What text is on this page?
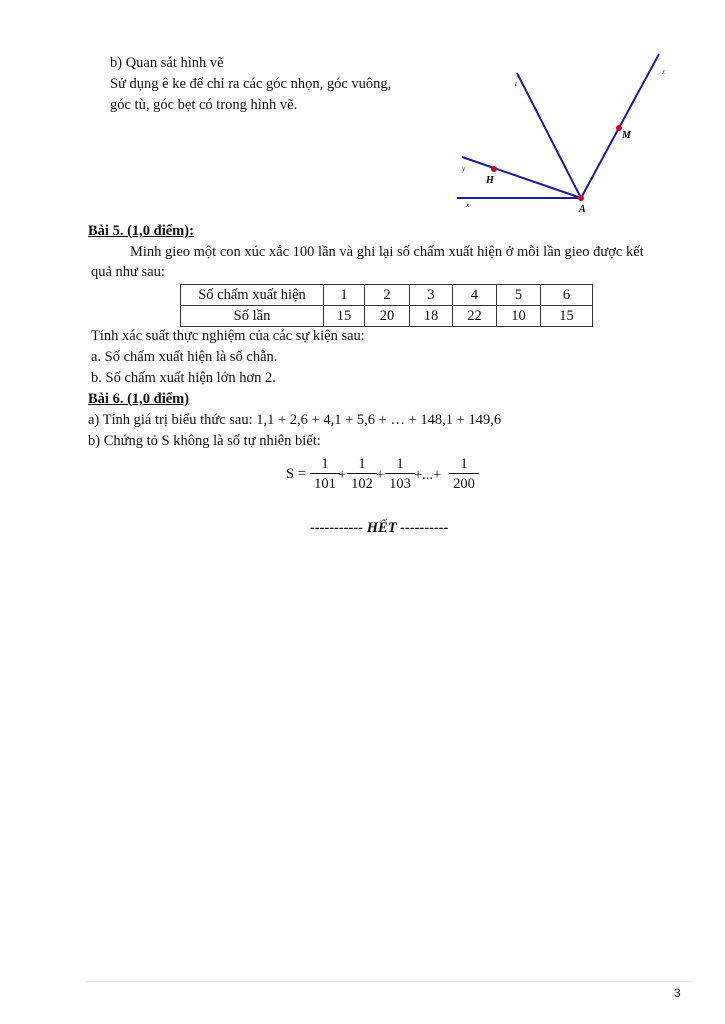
b) Quan sát hình vẽ
Sử dụng ê ke để chỉ ra các góc nhọn, góc vuông,
góc tù, góc bẹt có trong hình vẽ.
t
z
M
y
H
x	A
Bài 5. (1,0 điểm):
Minh gieo một con xúc xắc 100 lần và ghi lại số chấm xuất hiện ở mỗi lần gieo được kết
quả như sau:
Số chấm xuất hiện	1	2	3	4	5	6
Số lần	15	20	18	22	10	15
Tính xác suất thực nghiệm của các sự kiện sau:
a. Số chấm xuất hiện là số chẵn.
b. Số chấm xuất hiện lớn hơn 2.
Bài 6. (1,0 điểm)
a) Tính giá trị biểu thức sau: 1,1 + 2,6 + 4,1 + 5,6 + … + 148,1 + 149,6
b) Chứng tỏ S không là số tự nhiên biết:
S =
1
101
+
1
102
+
1
103
+...+
1
200
----------- HẾT ----------
3
